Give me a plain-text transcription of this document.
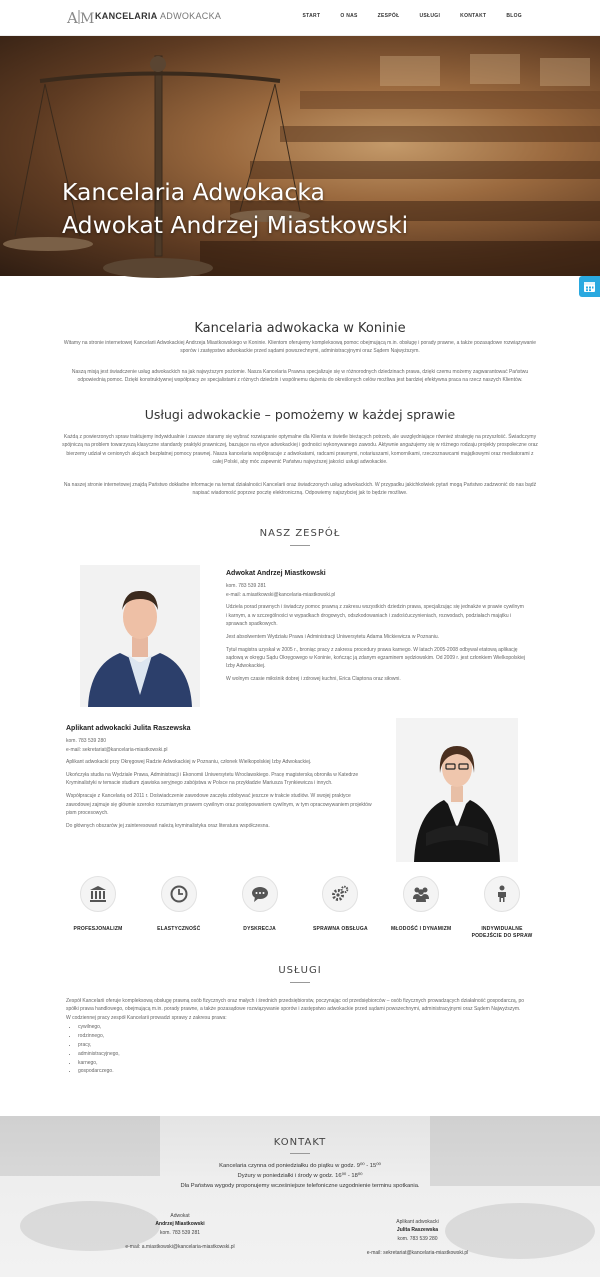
A M KANCELARIA ADWOKACKA	START	O NAS	ZESPÓŁ	USŁUGI	KONTAKT	BLOG
Kancelaria Adwokacka
Adwokat Andrzej Miastkowski
Kancelaria adwokacka w Koninie
Witamy na stronie internetowej Kancelarii Adwokackiej Andrzeja Miastkowskiego w Koninie. Klientom oferujemy kompleksową pomoc obejmującą m.in. obsługę i porady prawne, a także pozasądowe rozwiązywanie sporów i zastępstwo adwokackie przed sądami powszechnymi, administracyjnymi oraz Sądem Najwyższym.
Naszą misją jest świadczenie usług adwokackich na jak najwyższym poziomie. Nasza Kancelaria Prawna specjalizuje się w różnorodnych dziedzinach prawa, dzięki czemu możemy zagwarantować Państwu odpowiednią pomoc. Dzięki konstruktywnej współpracy ze specjalistami z różnych dziedzin i wspólnemu dążeniu do określonych celów możliwa jest bardziej efektywna praca na rzecz naszych Klientów.
Usługi adwokackie – pomożemy w każdej sprawie
Każdą z powierzonych spraw traktujemy indywidualnie i zawsze staramy się wybrać rozwiązanie optymalne dla Klienta w świetle bieżących potrzeb, ale uwzględniające również strategię na przyszłość. Świadczymy spójniczą na problem towarzyszą klasyczne standardy praktyki prawniczej, bazujące na etyce adwokackiej i godności wykonywanego zawodu. Aktywnie angażujemy się w różnego rodzaju projekty prospołeczne oraz bierzemy udział w cenionych akcjach bezpłatnej pomocy prawnej. Nasza kancelaria współpracuje z adwokatami, radcami prawnymi, notariuszami, komornikami, rzeczoznawcami majątkowymi oraz mediatorami z całej Polski, aby móc zapewnić Państwu najwyższej jakości usługi adwokackie.
Na naszej stronie internetowej znajdą Państwo dokładne informacje na temat działalności Kancelarii oraz świadczonych usług adwokackich. W przypadku jakichkolwiek pytań mogą Państwo zadzwonić do nas bądź napisać wiadomość poprzez pocztę elektroniczną. Odpowiemy najszybciej jak to będzie możliwe.
NASZ ZESPÓŁ
Adwokat Andrzej Miastkowski

kom. 783 539 281

e-mail: a.miastkowski@kancelaria-miastkowski.pl

Udziela porad prawnych i świadczy pomoc prawną z zakresu wszystkich dziedzin prawa, specjalizując się jednakże w prawie cywilnym i karnym, a w szczególności w wypadkach drogowych, odszkodowaniach i zadośćuczynieniach, rozwodach, podziałach majątku i sprawach spadkowych.

Jest absolwentem Wydziału Prawa i Administracji Uniwersytetu Adama Mickiewicza w Poznaniu.

Tytuł magistra uzyskał w 2005 r., broniąc pracy z zakresu procedury prawa karnego. W latach 2005-2008 odbywał etatową aplikację sądową w okręgu Sądu Okręgowego w Koninie, kończąc ją zdanym egzaminem sędziowskim. Od 2009 r. jest członkiem Wielkopolskiej Izby Adwokackiej.

W wolnym czasie miłośnik dobrej i zdrowej kuchni, Erica Claptona oraz siłowni.

Aplikant adwokacki Julita Raszewska

kom. 783 539 280

e-mail: sekretariat@kancelaria-miastkowski.pl

Aplikant adwokacki przy Okręgowej Radzie Adwokackiej w Poznaniu, członek Wielkopolskiej Izby Adwokackiej.

Ukończyła studia na Wydziale Prawa, Administracji i Ekonomii Uniwersytetu Wrocławskiego. Pracę magisterską obroniła w Katedrze Kryminalistyki w temacie studium zjawiska seryjnego zabójstwa w Polsce na przykładzie Mariusza Trynkiewicza i innych.

Współpracuje z Kancelarią od 2011 r. Doświadczenie zawodowe zaczęła zdobywać jeszcze w trakcie studiów. W swojej praktyce zawodowej zajmuje się głównie szeroko rozumianym prawem cywilnym oraz postępowaniem cywilnym, w tym opracowywaniem projektów pism procesowych.

Do głównych obszarów jej zainteresowań należą kryminalistyka oraz literatura współczesna.

PROFESJONALIZM	ELASTYCZNOŚĆ	DYSKRECJA	SPRAWNA OBSŁUGA	MŁODOŚĆ I DYNAMIZM	INDYWIDUALNE PODEJŚCIE DO SPRAW
USŁUGI

Zespół Kancelarii oferuje kompleksową obsługę prawną osób fizycznych oraz małych i średnich przedsiębiorstw, poczynając od przedsiębiorców – osób fizycznych prowadzących działalność gospodarczą, po spółki prawa handlowego, obejmującą m.in. porady prawne, a także pozasądowe rozwiązywanie sporów i zastępstwo adwokackie przed sądami powszechnymi, administracyjnymi oraz Sądem Najwyższym.

W codziennej pracy zespół Kancelarii prowadzi sprawy z zakresu prawa:

• cywilnego,
• rodzinnego,
• pracy,
• administracyjnego,
• karnego,
• gospodarczego.
KONTAKT
Kancelaria czynna od poniedziałku do piątku w godz. 9⁰⁰ - 15⁰⁰
Dyżury w poniedziałki i środy w godz. 16⁰⁰ - 18⁰⁰
Dla Państwa wygody proponujemy wcześniejsze telefoniczne uzgodnienie terminu spotkania.
Adwokat
Andrzej Miastkowski
kom. 783 539 281
e-mail: a.miastkowski@kancelaria-miastkowski.pl
Aplikant adwokacki
Julita Raszewska
kom. 783 539 280
e-mail: sekretariat@kancelaria-miastkowski.pl
